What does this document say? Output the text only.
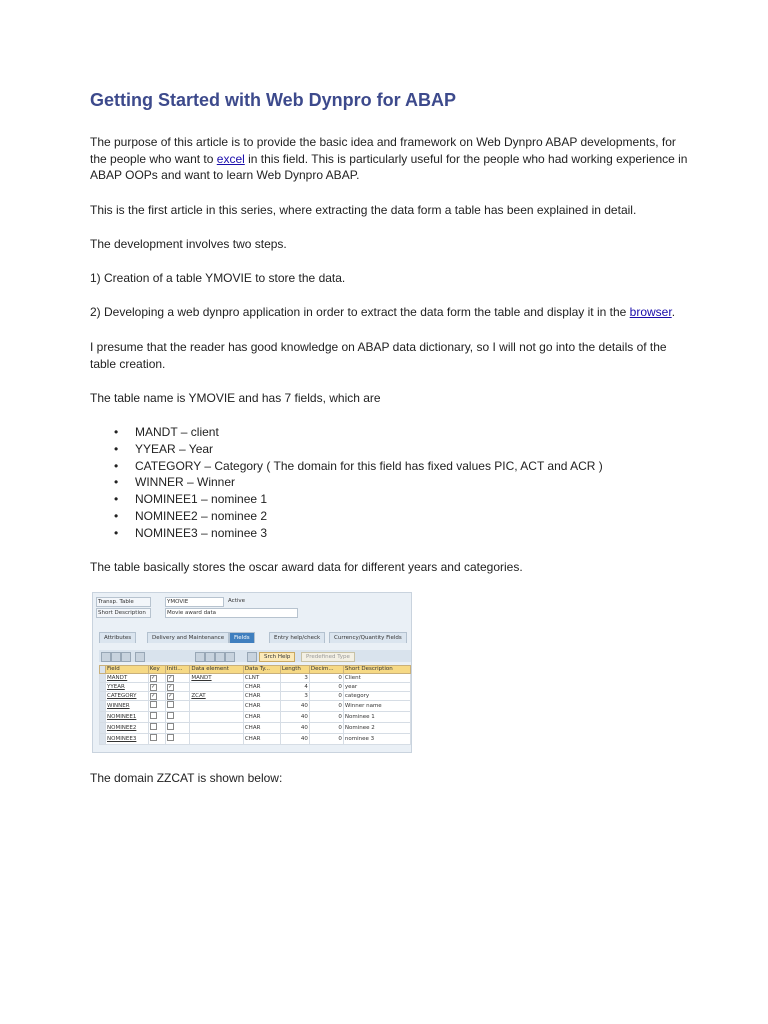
Getting Started with Web Dynpro for ABAP

The purpose of this article is to provide the basic idea and framework on Web Dynpro ABAP developments, for the people who want to excel in this field. This is particularly useful for the people who had working experience in ABAP OOPs and want to learn Web Dynpro ABAP.

This is the first article in this series, where extracting the data form a table has been explained in detail.

The development involves two steps.

1) Creation of a table YMOVIE to store the data.

2) Developing a web dynpro application in order to extract the data form the table and display it in the browser.

I presume that the reader has good knowledge on ABAP data dictionary, so I will not go into the details of the table creation.

The table name is YMOVIE and has 7 fields, which are

• MANDT – client
• YYEAR – Year
• CATEGORY – Category ( The domain for this field has fixed values PIC, ACT and ACR )
• WINNER – Winner
• NOMINEE1 – nominee 1
• NOMINEE2 – nominee 2
• NOMINEE3 – nominee 3

The table basically stores the oscar award data for different years and categories.

Transp. Table	YMOVIE	Active
Short Description	Movie award data
Attributes	Delivery and Maintenance	Fields	Entry help/check	Currency/Quantity Fields
Srch Help	Predefined Type
	Field	Key	Initi...	Data element	Data Ty...	Length	Decim...	Short Description
	MANDT	✓	✓	MANDT	CLNT	3	0	Client
	YYEAR	✓	✓		CHAR	4	0	year
	CATEGORY	✓	✓	ZCAT	CHAR	3	0	category
	WINNER				CHAR	40	0	Winner name
	NOMINEE1				CHAR	40	0	Nominee 1
	NOMINEE2				CHAR	40	0	Nominee 2
	NOMINEE3				CHAR	40	0	nominee 3

The domain ZZCAT is shown below:
